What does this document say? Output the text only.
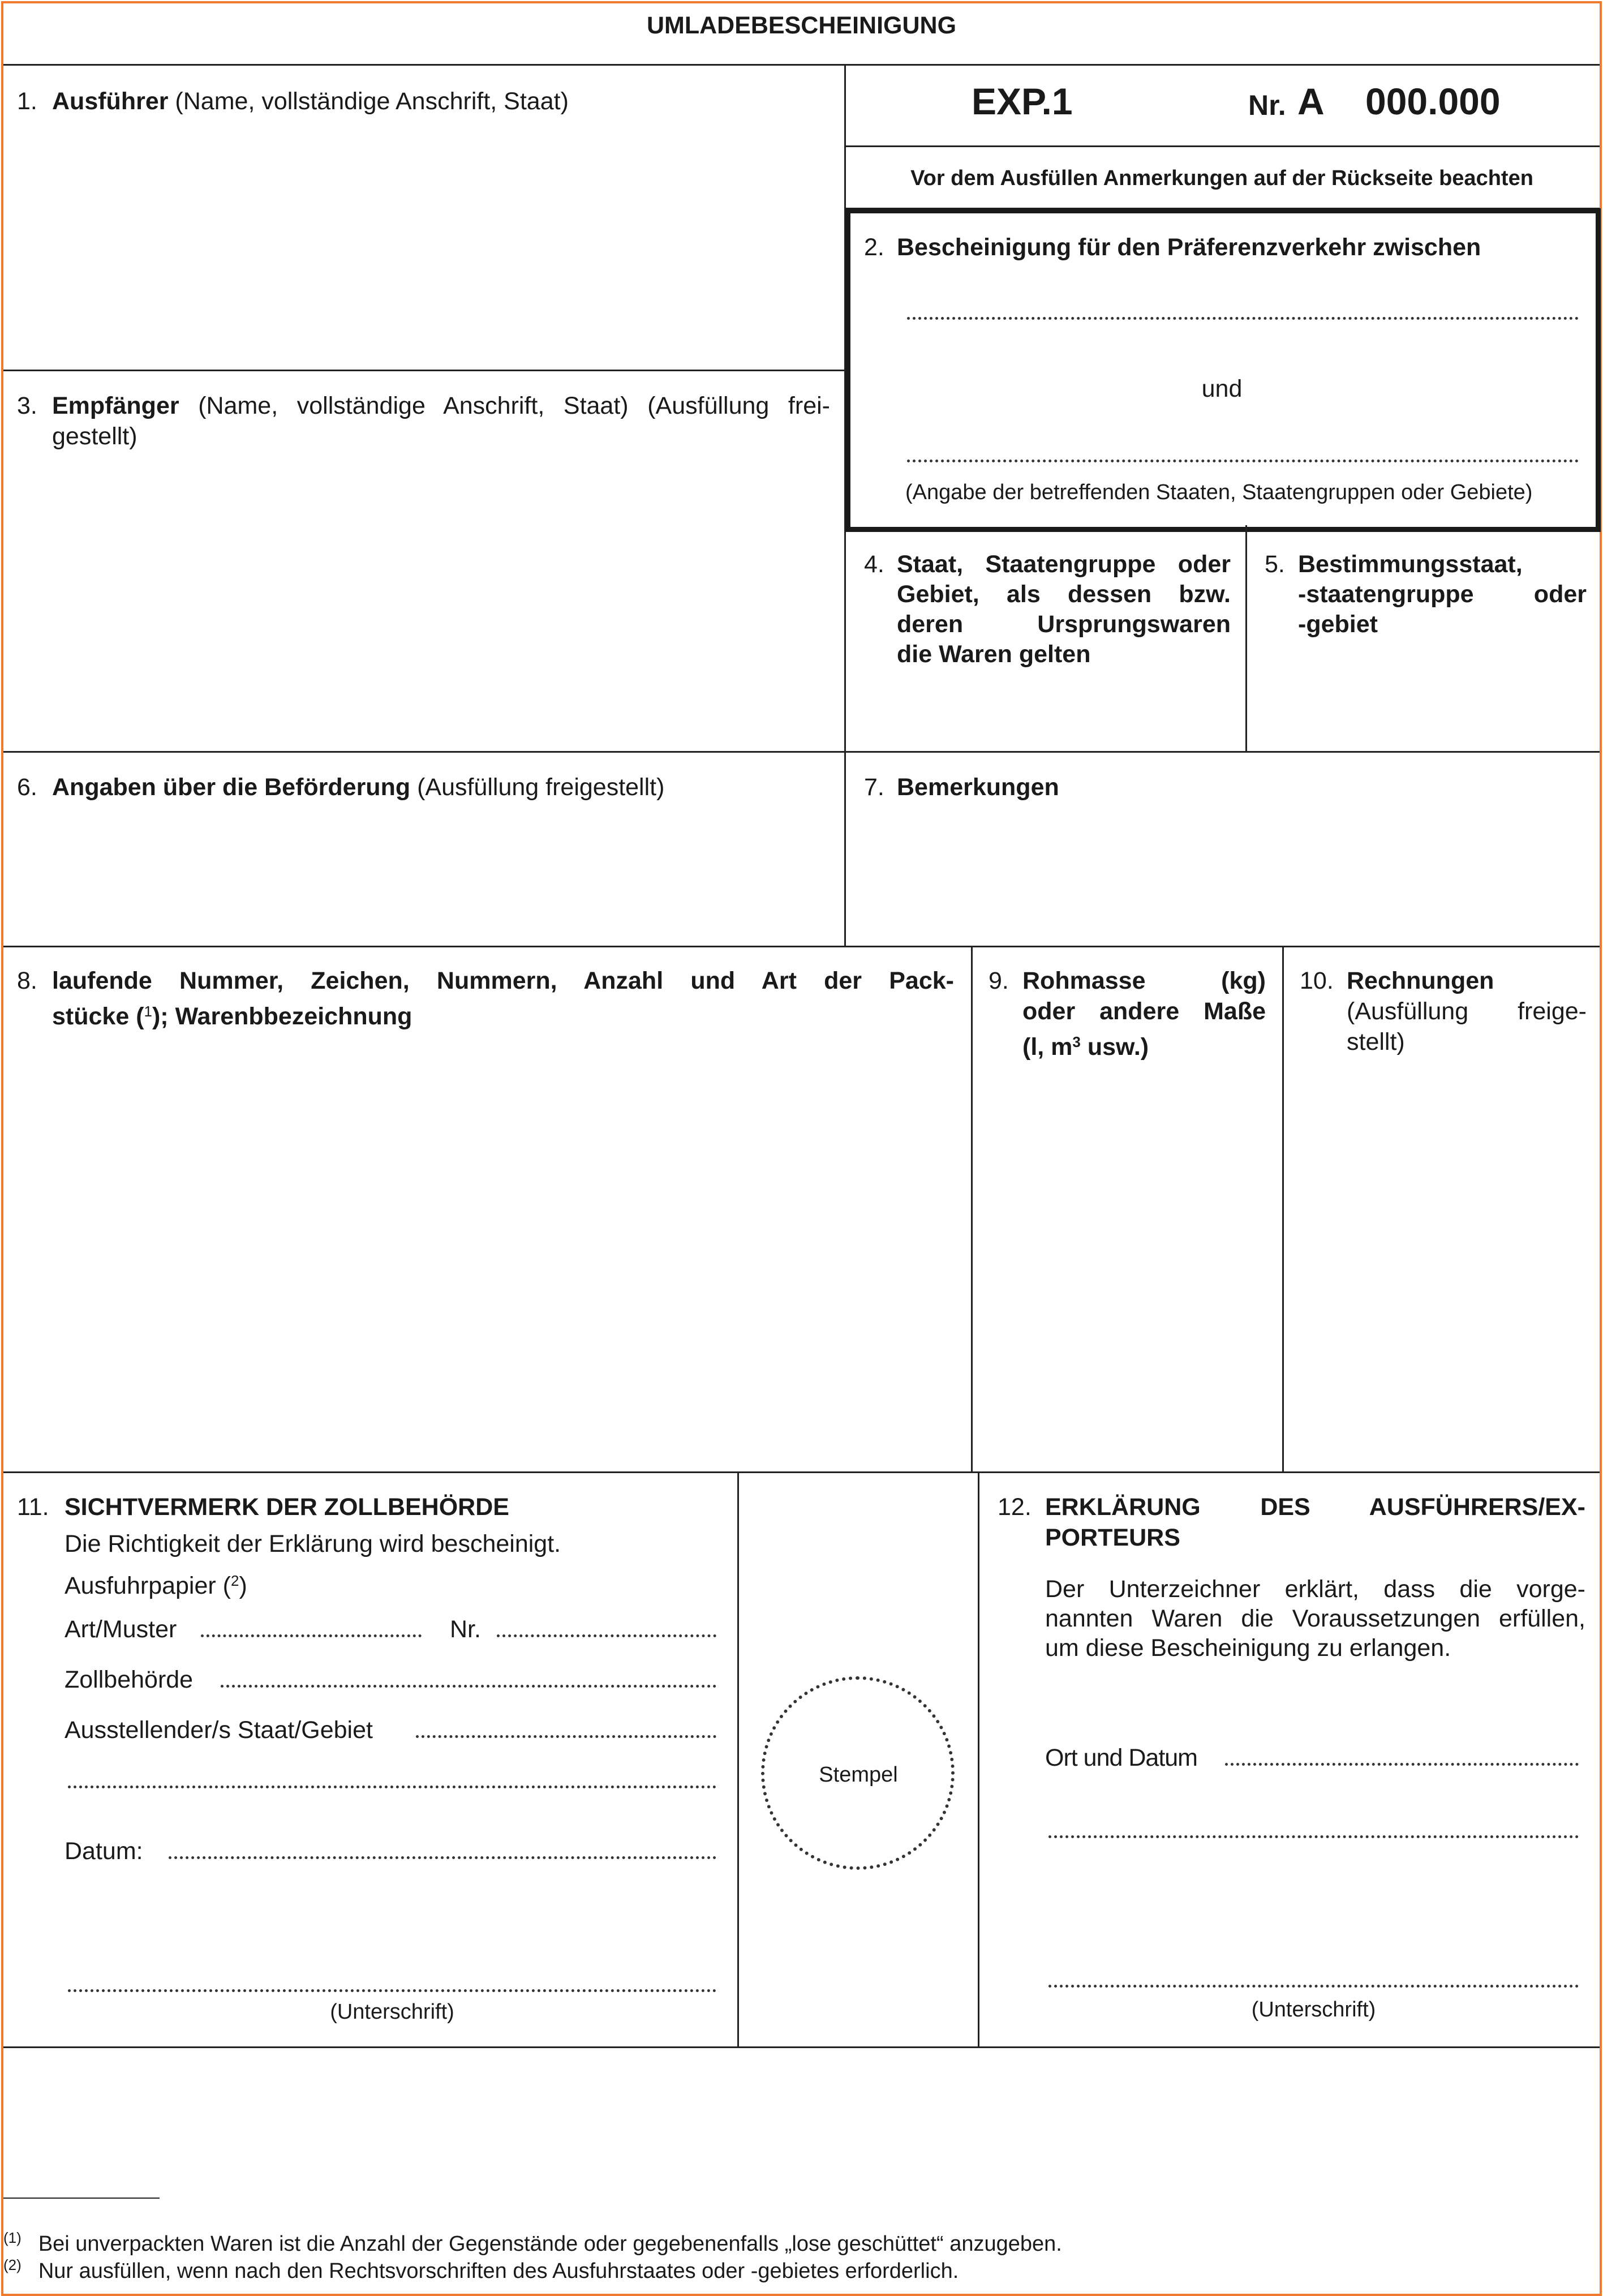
UMLADEBESCHEINIGUNG
EXP.1	Nr. A 000.000
Vor dem Ausfüllen Anmerkungen auf der Rückseite beachten
1. Ausführer (Name, vollständige Anschrift, Staat)
2. Bescheinigung für den Präferenzverkehr zwischen
und
(Angabe der betreffenden Staaten, Staatengruppen oder Gebiete)
3. Empfänger (Name, vollständige Anschrift, Staat) (Ausfüllung frei-
gestellt)
4. Staat, Staatengruppe oder
Gebiet, als dessen bzw.
deren Ursprungswaren
die Waren gelten
5. Bestimmungsstaat,
-staatengruppe oder
-gebiet
6. Angaben über die Beförderung (Ausfüllung freigestellt)	7. Bemerkungen
8. laufende Nummer, Zeichen, Nummern, Anzahl und Art der Pack-
stücke ($^1$); Warenbbezeichnung
9. Rohmasse (kg)
oder andere Maße
(l, $m^3$ usw.)
10. Rechnungen
(Ausfüllung freige-
stellt)
11. SICHTVERMERK DER ZOLLBEHÖRDE
Die Richtigkeit der Erklärung wird bescheinigt.
Ausfuhrpapier ($^2$)
Art/Muster	Nr.
Zollbehörde
Ausstellender/s Staat/Gebiet
Datum:
(Unterschrift)
Stempel
12. ERKLÄRUNG DES AUSFÜHRERS/EX-
PORTEURS
Der Unterzeichner erklärt, dass die vorge-
nannten Waren die Voraussetzungen erfüllen,
um diese Bescheinigung zu erlangen.
Ort und Datum
(Unterschrift)
$^{(1)}$ Bei unverpackten Waren ist die Anzahl der Gegenstände oder gegebenenfalls „lose geschüttet“ anzugeben.
$^{(2)}$ Nur ausfüllen, wenn nach den Rechtsvorschriften des Ausfuhrstaates oder -gebietes erforderlich.
